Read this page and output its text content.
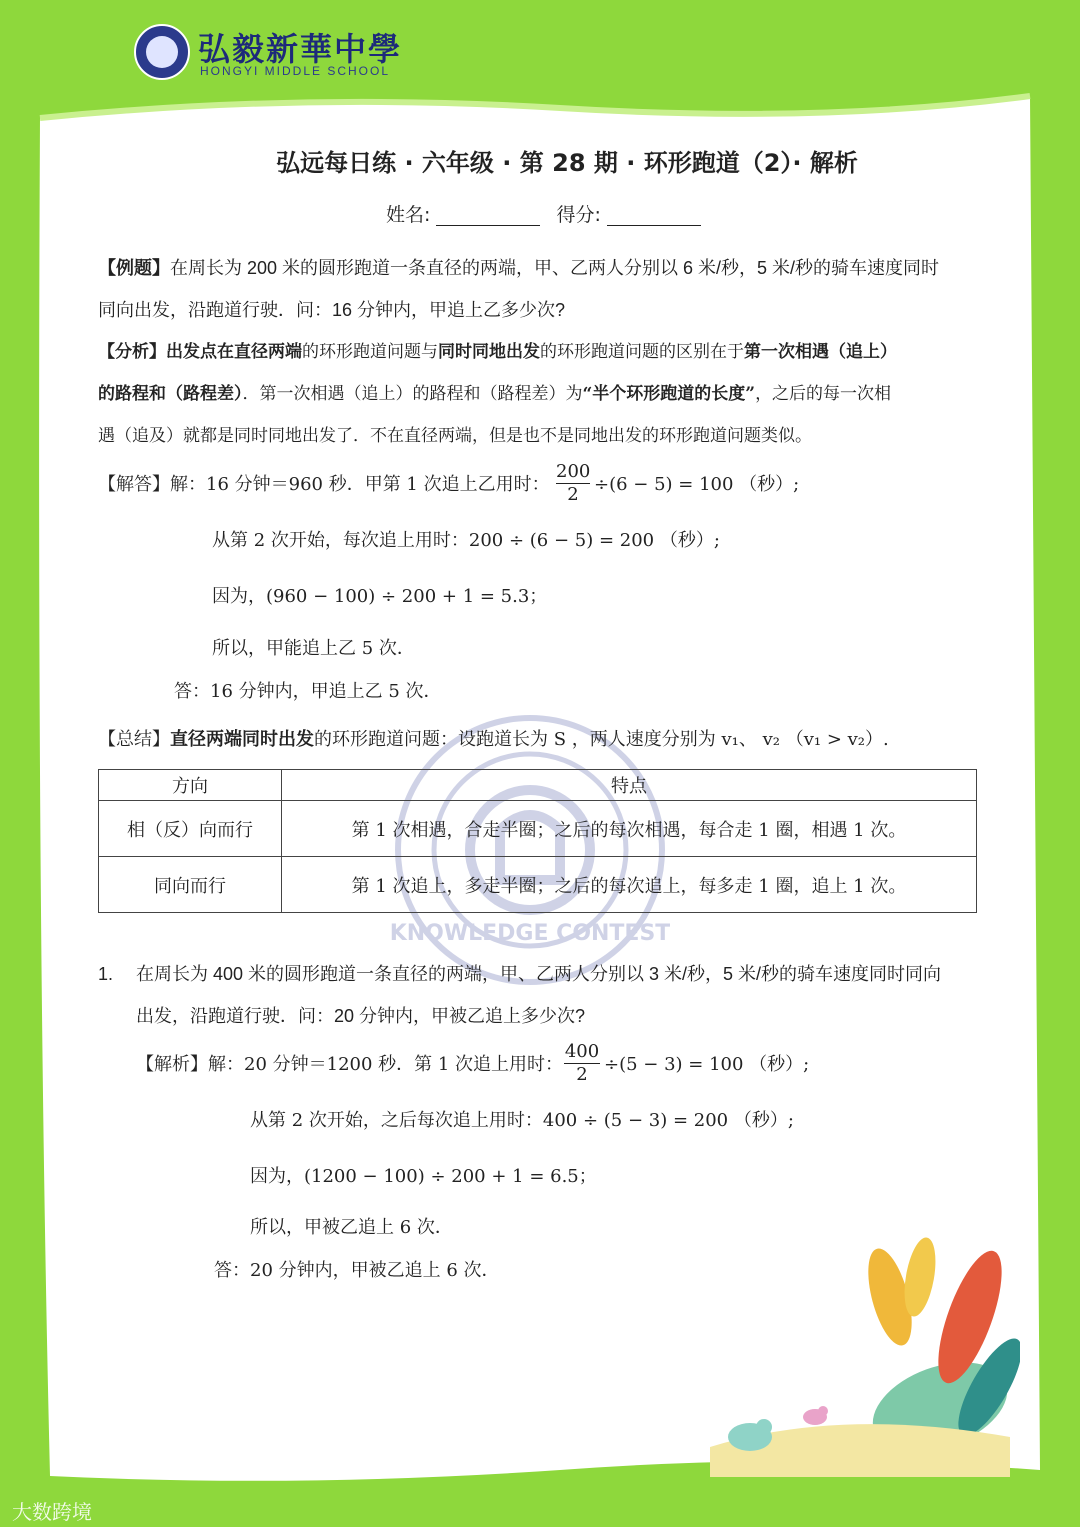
弘毅新華中學
HONGYI MIDDLE SCHOOL
KNOWLEDGE CONTEST
弘远每日练 · 六年级 · 第 28 期 · 环形跑道（2）· 解析
姓名:	得分:
【例题】在周长为 200 米的圆形跑道一条直径的两端，甲、乙两人分别以 6 米/秒，5 米/秒的骑车速度同时
同向出发，沿跑道行驶．问：16 分钟内，甲追上乙多少次?
【分析】出发点在直径两端的环形跑道问题与同时同地出发的环形跑道问题的区别在于第一次相遇（追上）
的路程和（路程差）．第一次相遇（追上）的路程和（路程差）为“半个环形跑道的长度”，之后的每一次相
遇（追及）就都是同时同地出发了．不在直径两端，但是也不是同地出发的环形跑道问题类似。
【解答】解：16 分钟＝960 秒．甲第 1 次追上乙用时：
200
2 ÷(6 − 5) = 100 （秒）;
从第 2 次开始，每次追上用时：200 ÷ (6 − 5) = 200 （秒）;
因为，(960 − 100) ÷ 200 + 1 = 5.3；
所以，甲能追上乙 5 次．
答：16 分钟内，甲追上乙 5 次．
【总结】直径两端同时出发的环形跑道问题：设跑道长为 S ，两人速度分别为 v₁、 v₂ （v₁ > v₂）.
方向	特点
相（反）向而行	第 1 次相遇，合走半圈；之后的每次相遇，每合走 1 圈，相遇 1 次。
同向而行	第 1 次追上，多走半圈；之后的每次追上，每多走 1 圈，追上 1 次。
1. 在周长为 400 米的圆形跑道一条直径的两端，甲、乙两人分别以 3 米/秒，5 米/秒的骑车速度同时同向
出发，沿跑道行驶．问：20 分钟内，甲被乙追上多少次?
【解析】解：20 分钟＝1200 秒．第 1 次追上用时：
400
2 ÷(5 − 3) = 100 （秒）;
从第 2 次开始，之后每次追上用时：400 ÷ (5 − 3) = 200 （秒）;
因为，(1200 − 100) ÷ 200 + 1 = 6.5；
所以，甲被乙追上 6 次．
答：20 分钟内，甲被乙追上 6 次．
大数跨境
